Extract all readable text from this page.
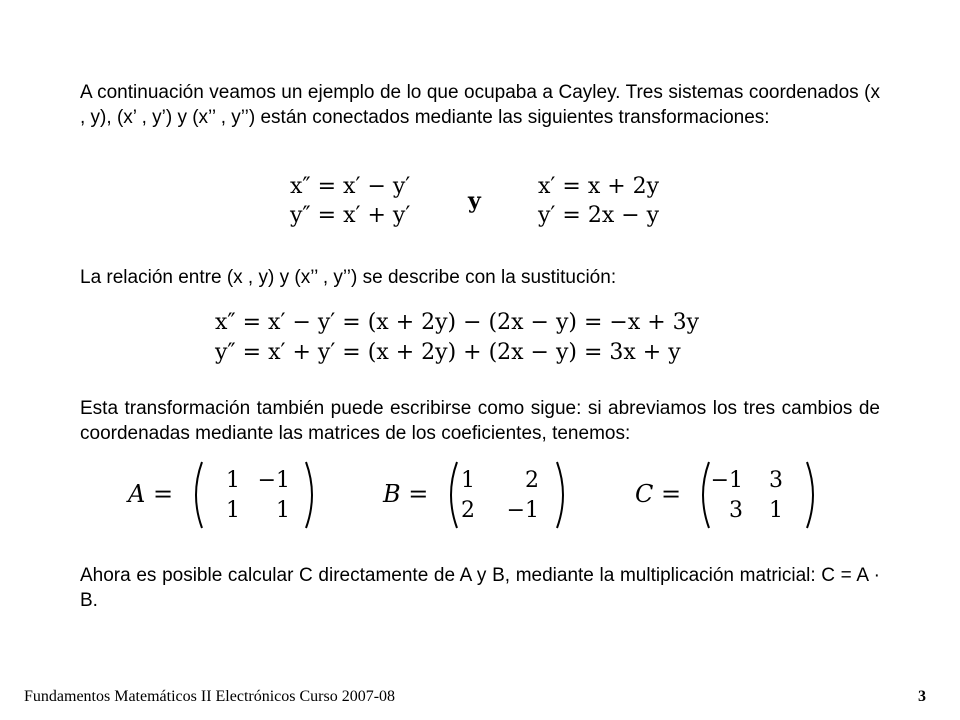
A continuación veamos un ejemplo de lo que ocupaba a Cayley. Tres sistemas coordenados (x , y), (x’ , y’) y (x’’ , y’’) están conectados mediante las siguientes transformaciones:
x″ = x′ − y′
y″ = x′ + y′
y
x′ = x + 2y
y′ = 2x − y
La relación entre (x , y) y (x’’ , y’’) se describe con la sustitución:
x″ = x′ − y′ = (x + 2y) − (2x − y) = −x + 3y
y″ = x′ + y′ = (x + 2y) + (2x − y) = 3x + y
Esta transformación también puede escribirse como sigue: si abreviamos los tres cambios de coordenadas mediante las matrices de los coeficientes, tenemos:
A =	1 −1
1	1
B =	1	2
2	−1
C =	−1	3
3	1
Ahora es posible calcular C directamente de A y B, mediante la multiplicación matricial: C = A · B.
Fundamentos Matemáticos II Electrónicos Curso 2007-08	3
